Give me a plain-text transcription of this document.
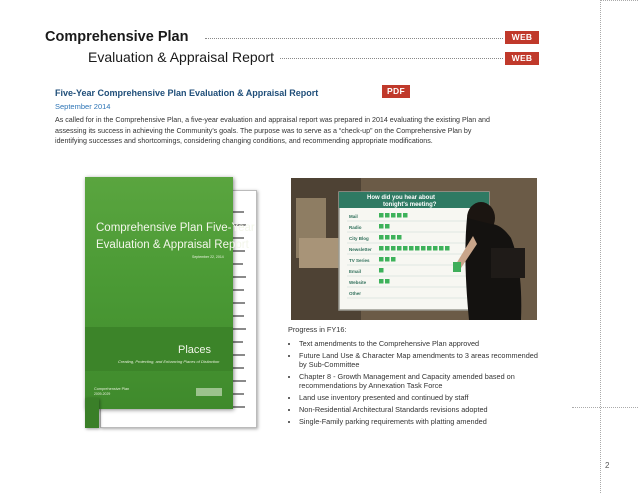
Comprehensive Plan	WEB
Evaluation & Appraisal Report	WEB
Five-Year Comprehensive Plan Evaluation & Appraisal Report	PDF
September 2014
As called for in the Comprehensive Plan, a five-year evaluation and appraisal report was prepared in 2014 evaluating the existing Plan and assessing its success in achieving the Community's goals. The purpose was to serve as a “check-up” on the Comprehensive Plan by identifying successes and shortcomings, considering changing conditions, and recommending appropriate modifications.
Comprehensive Plan Five-Year
Evaluation & Appraisal Report
September 22, 2014
Places
Creating, Protecting, and Enhancing Places of Distinction
Comprehensive Plan
2009-2029
How did you hear about
tonight's meeting?
Mail
Radio
City Blog
Newsletter
TV Series
Email
Website
Other

Progress in FY16:

• Text amendments to the Comprehensive Plan approved
• Future Land Use & Character Map amendments to 3 areas recommended by Sub-Committee
• Chapter 8 - Growth Management and Capacity amended based on recommendations by Annexation Task Force
• Land use inventory presented and continued by staff
• Non-Residential Architectural Standards revisions adopted
• Single-Family parking requirements with platting amended
2
